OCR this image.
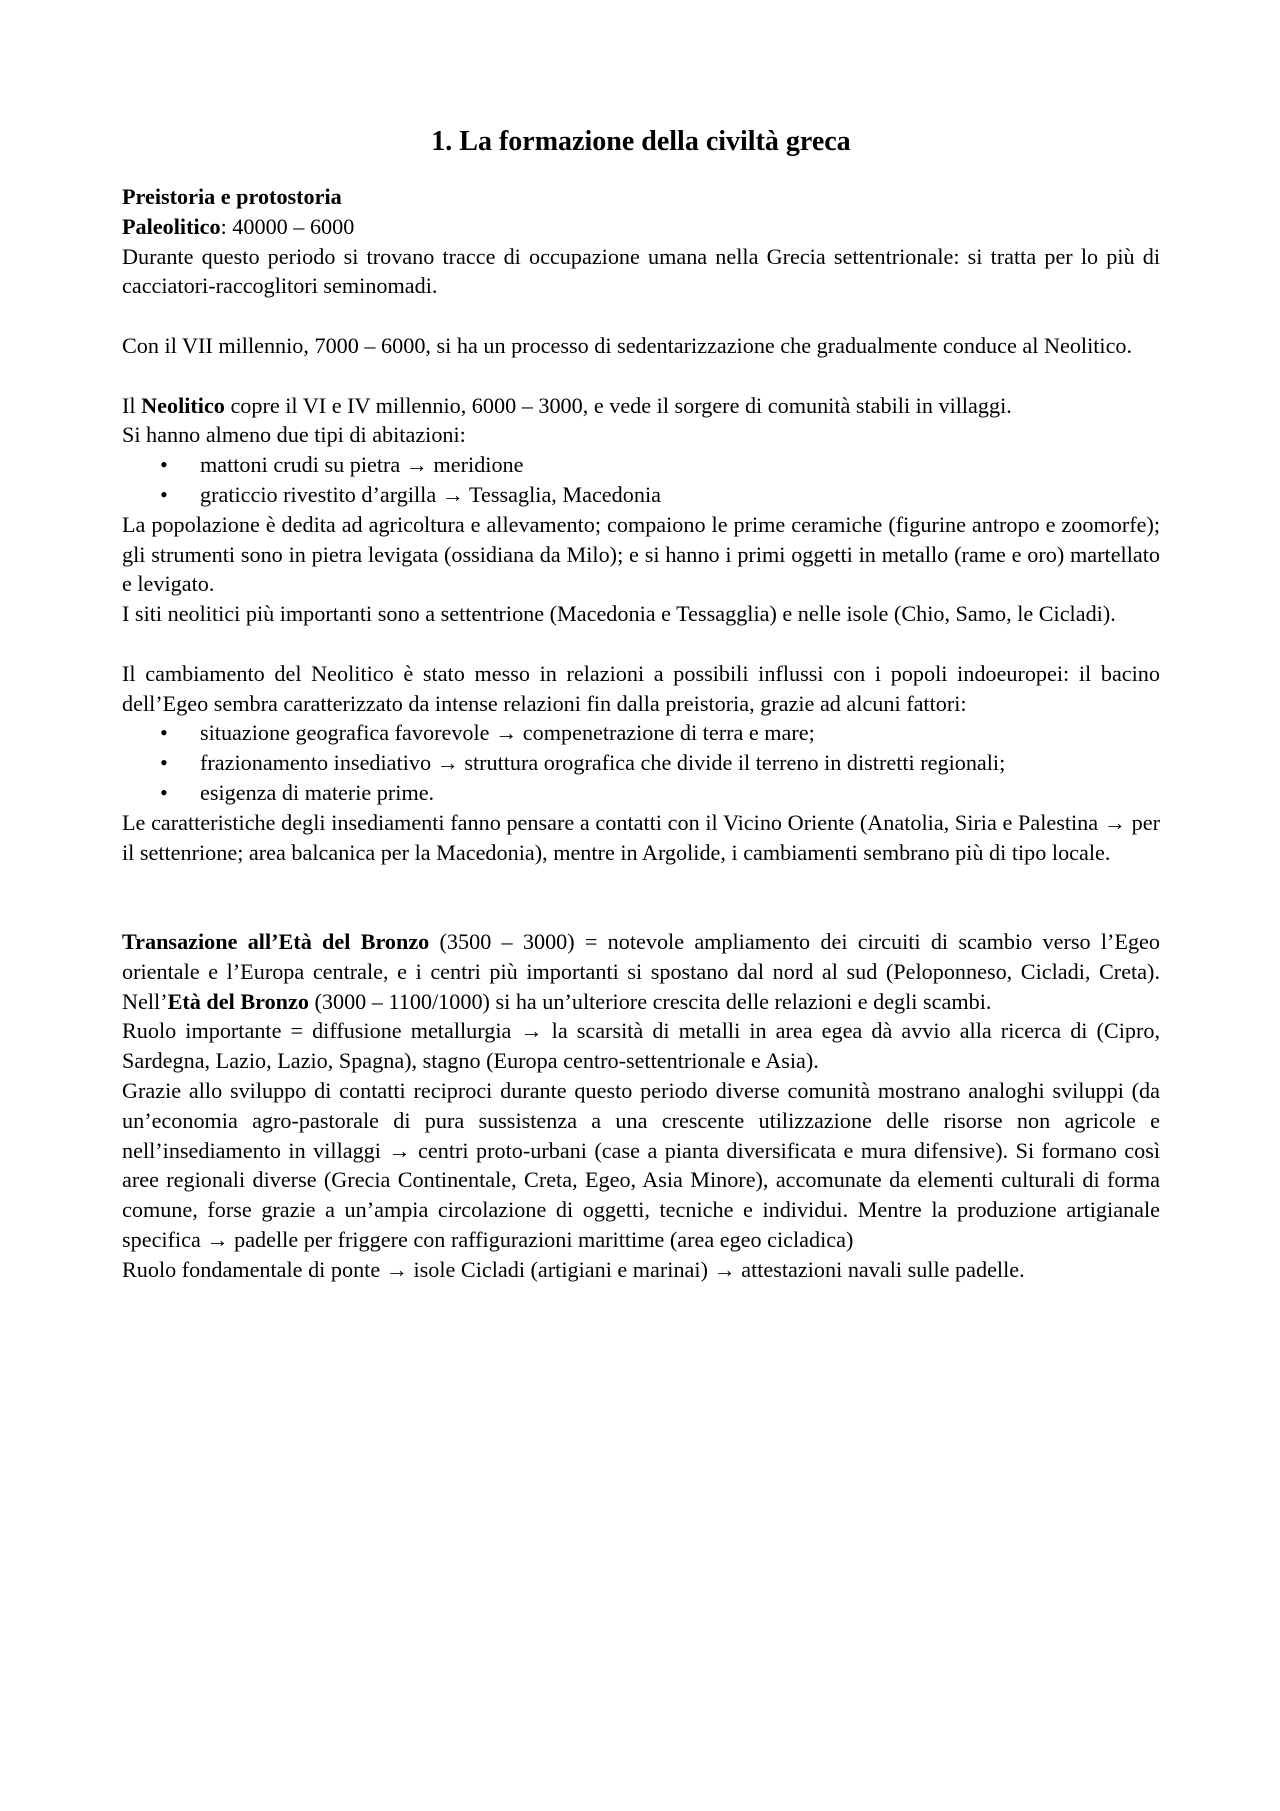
1. La formazione della civiltà greca

Preistoria e protostoria

Paleolitico: 40000 – 6000

Durante questo periodo si trovano tracce di occupazione umana nella Grecia settentrionale: si tratta per lo più di cacciatori-raccoglitori seminomadi.

Con il VII millennio, 7000 – 6000, si ha un processo di sedentarizzazione che gradualmente conduce al Neolitico.

Il Neolitico copre il VI e IV millennio, 6000 – 3000, e vede il sorgere di comunità stabili in villaggi.

Si hanno almeno due tipi di abitazioni:

• mattoni crudi su pietra → meridione
• graticcio rivestito d’argilla → Tessaglia, Macedonia

La popolazione è dedita ad agricoltura e allevamento; compaiono le prime ceramiche (figurine antropo e zoomorfe); gli strumenti sono in pietra levigata (ossidiana da Milo); e si hanno i primi oggetti in metallo (rame e oro) martellato e levigato.

I siti neolitici più importanti sono a settentrione (Macedonia e Tessagglia) e nelle isole (Chio, Samo, le Cicladi).

Il cambiamento del Neolitico è stato messo in relazioni a possibili influssi con i popoli indoeuropei: il bacino dell’Egeo sembra caratterizzato da intense relazioni fin dalla preistoria, grazie ad alcuni fattori:

• situazione geografica favorevole → compenetrazione di terra e mare;
• frazionamento insediativo → struttura orografica che divide il terreno in distretti regionali;
• esigenza di materie prime.

Le caratteristiche degli insediamenti fanno pensare a contatti con il Vicino Oriente (Anatolia, Siria e Palestina → per il settenrione; area balcanica per la Macedonia), mentre in Argolide, i cambiamenti sembrano più di tipo locale.

Transazione all’Età del Bronzo (3500 – 3000) = notevole ampliamento dei circuiti di scambio verso l’Egeo orientale e l’Europa centrale, e i centri più importanti si spostano dal nord al sud (Peloponneso, Cicladi, Creta). Nell’Età del Bronzo (3000 – 1100/1000) si ha un’ulteriore crescita delle relazioni e degli scambi.

Ruolo importante = diffusione metallurgia → la scarsità di metalli in area egea dà avvio alla ricerca di (Cipro, Sardegna, Lazio, Lazio, Spagna), stagno (Europa centro-settentrionale e Asia).

Grazie allo sviluppo di contatti reciproci durante questo periodo diverse comunità mostrano analoghi sviluppi (da un’economia agro-pastorale di pura sussistenza a una crescente utilizzazione delle risorse non agricole e nell’insediamento in villaggi → centri proto-urbani (case a pianta diversificata e mura difensive). Si formano così aree regionali diverse (Grecia Continentale, Creta, Egeo, Asia Minore), accomunate da elementi culturali di forma comune, forse grazie a un’ampia circolazione di oggetti, tecniche e individui. Mentre la produzione artigianale specifica → padelle per friggere con raffigurazioni marittime (area egeo cicladica)

Ruolo fondamentale di ponte → isole Cicladi (artigiani e marinai) → attestazioni navali sulle padelle.
